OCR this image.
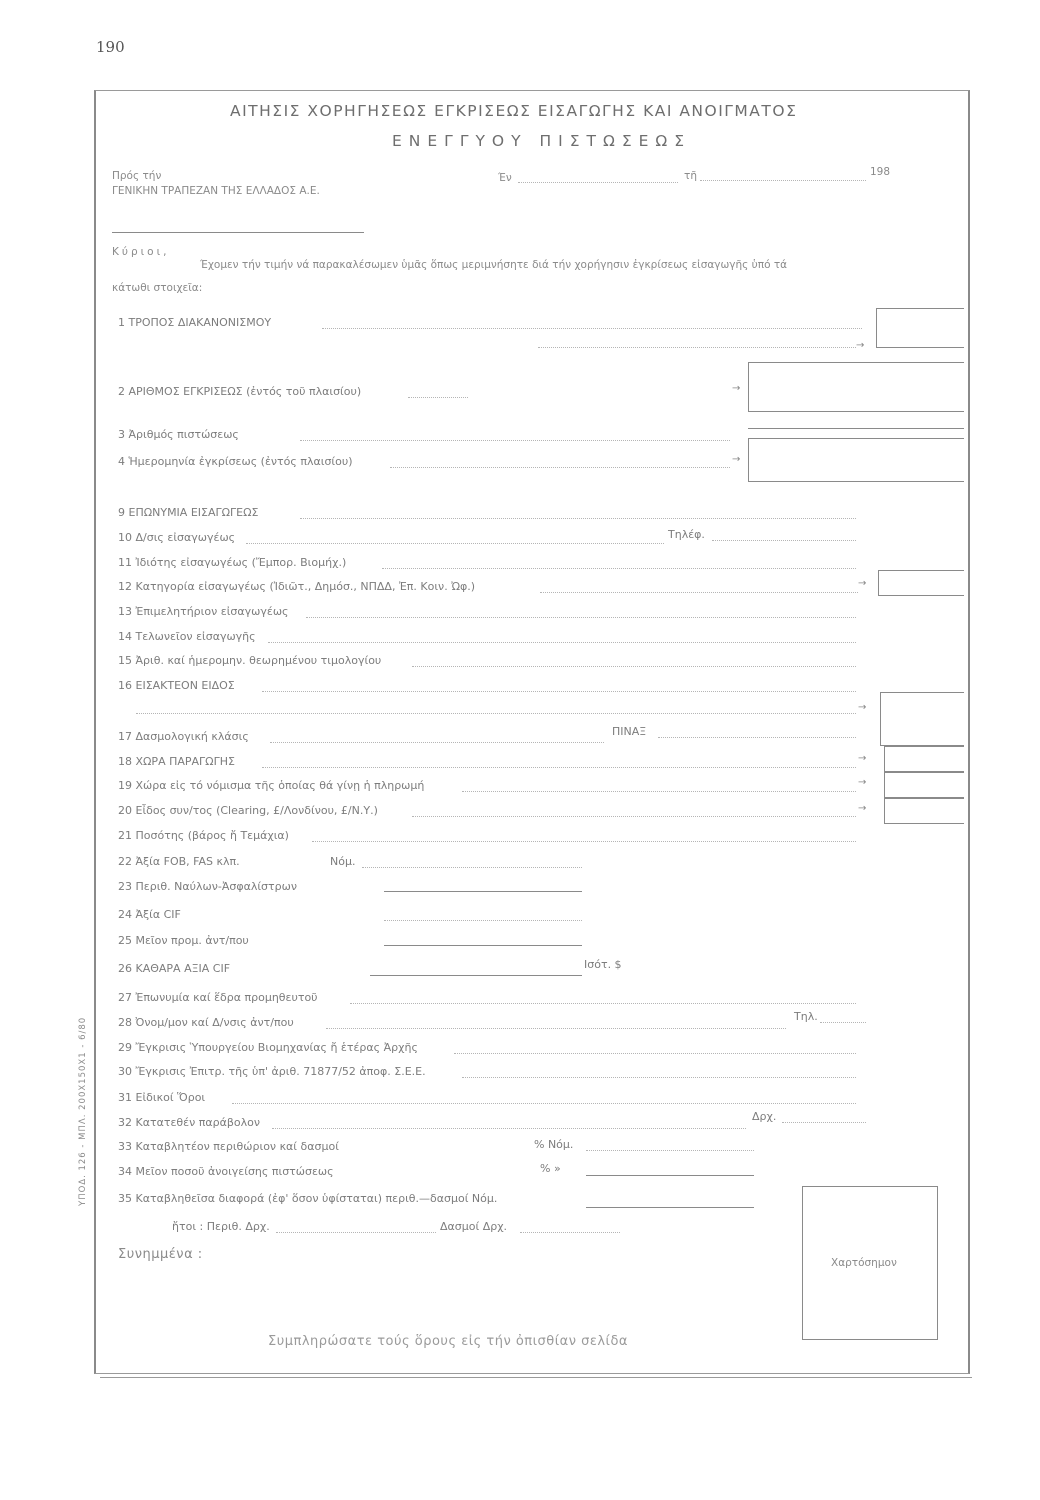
190
ΑΙΤΗΣΙΣ ΧΟΡΗΓΗΣΕΩΣ ΕΓΚΡΙΣΕΩΣ ΕΙΣΑΓΩΓΗΣ ΚΑΙ ΑΝΟΙΓΜΑΤΟΣ
ΕΝΕΓΓΥΟΥ ΠΙΣΤΩΣΕΩΣ
Πρός τήν
ΓΕΝΙΚΗΝ ΤΡΑΠΕΖΑΝ ΤΗΣ ΕΛΛΑΔΟΣ Α.Ε.
Έν	τῆ	198
Κύριοι,
Έχομεν τήν τιμήν νά παρακαλέσωμεν ὑμᾶς ὅπως μεριμνήσητε διά τήν χορήγησιν ἐγκρίσεως εἰσαγωγῆς ὑπό τά
κάτωθι στοιχεῖα:
1 ΤΡΟΠΟΣ ΔΙΑΚΑΝΟΝΙΣΜΟΥ
→
2 ΑΡΙΘΜΟΣ ΕΓΚΡΙΣΕΩΣ (ἐντός τοῦ πλαισίου)	→
3 Ἀριθμός πιστώσεως
4 Ἡμερομηνία ἐγκρίσεως (ἐντός πλαισίου)	→
9 ΕΠΩΝΥΜΙΑ ΕΙΣΑΓΩΓΕΩΣ
10 Δ/σις εἰσαγωγέως	Τηλέφ.
11 Ἰδιότης εἰσαγωγέως (Ἔμπορ. Βιομήχ.)
12 Κατηγορία εἰσαγωγέως (Ἰδιῶτ., Δημόσ., ΝΠΔΔ, Ἐπ. Κοιν. Ὠφ.)	→
13 Ἐπιμελητήριον εἰσαγωγέως
14 Τελωνεῖον εἰσαγωγῆς
15 Ἀριθ. καί ἡμερομην. θεωρημένου τιμολογίου
16 ΕΙΣΑΚΤΕΟΝ ΕΙΔΟΣ
→
17 Δασμολογική κλάσις	ΠΙΝΑΞ
18 ΧΩΡΑ ΠΑΡΑΓΩΓΗΣ	→
19 Χώρα εἰς τό νόμισμα τῆς ὁποίας θά γίνῃ ἡ πληρωμή	→
20 Εἶδος συν/τος (Clearing, £/Λονδίνου, £/Ν.Υ.)	→
21 Ποσότης (βάρος ἤ Τεμάχια)
22 Ἀξία FOB, FAS κλπ.	Νόμ.
23 Περιθ. Ναύλων-Ἀσφαλίστρων
24 Ἀξία CIF
25 Μεῖον προμ. ἀντ/που
26 ΚΑΘΑΡΑ ΑΞΙΑ CIF	Ισότ. $
27 Ἐπωνυμία καί ἕδρα προμηθευτοῦ
28 Ὀνομ/μον καί Δ/νσις ἀντ/που	Τηλ.
29 Ἔγκρισις Ὑπουργείου Βιομηχανίας ἤ ἑτέρας Ἀρχῆς
30 Ἔγκρισις Ἐπιτρ. τῆς ὑπ' ἀριθ. 71877/52 ἀποφ. Σ.Ε.Ε.
31 Εἰδικοί Ὅροι
32 Κατατεθέν παράβολον	Δρχ.
33 Καταβλητέον περιθώριον καί δασμοί	% Νόμ.
34 Μεῖον ποσοῦ ἀνοιγείσης πιστώσεως	% »
35 Καταβληθεῖσα διαφορά (ἐφ' ὅσον ὑφίσταται) περιθ.—δασμοί Νόμ.
ἤτοι : Περιθ. Δρχ.	Δασμοί Δρχ.
Συνημμένα :
Χαρτόσημον
Συμπληρώσατε τούς ὅρους εἰς τήν ὀπισθίαν σελίδα
ΥΠΟΔ. 126 - ΜΠΛ. 200Χ150Χ1 - 6/80
